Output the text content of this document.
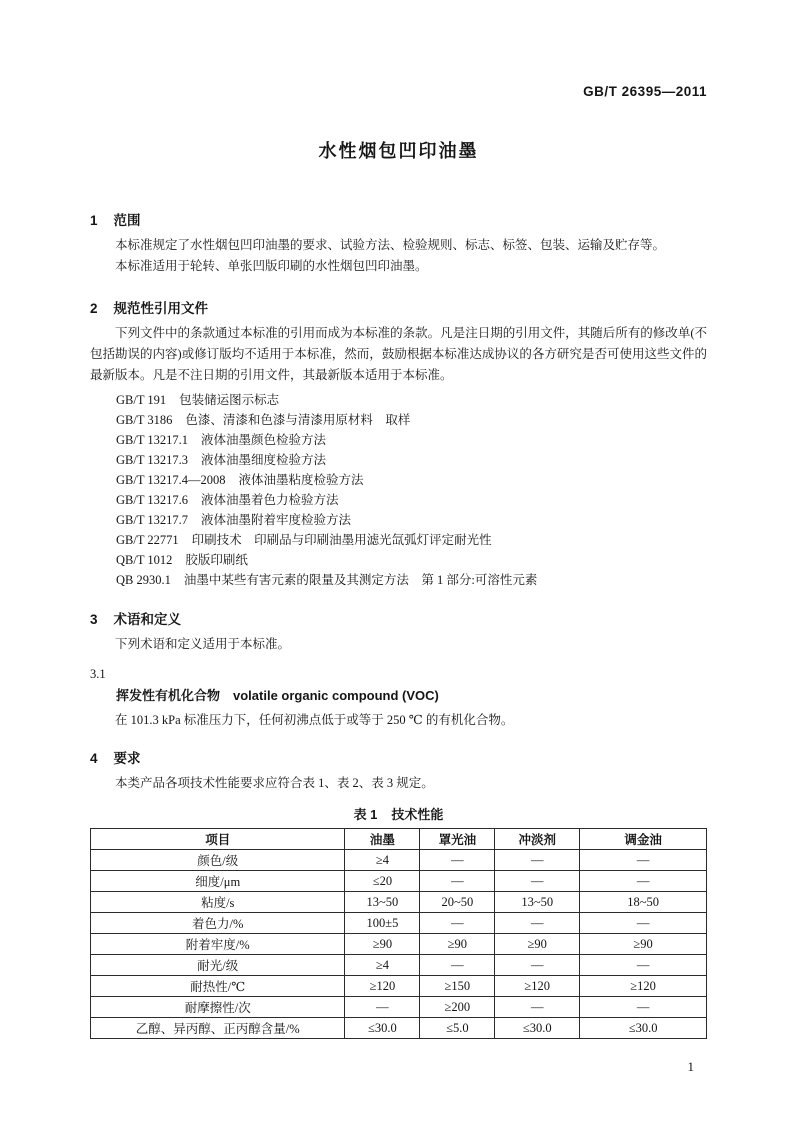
GB/T 26395—2011
水性烟包凹印油墨
1 范围

本标准规定了水性烟包凹印油墨的要求、试验方法、检验规则、标志、标签、包装、运输及贮存等。

本标准适用于轮转、单张凹版印刷的水性烟包凹印油墨。

2 规范性引用文件

下列文件中的条款通过本标准的引用而成为本标准的条款。凡是注日期的引用文件，其随后所有的修改单(不包括勘误的内容)或修订版均不适用于本标准，然而，鼓励根据本标准达成协议的各方研究是否可使用这些文件的最新版本。凡是不注日期的引用文件，其最新版本适用于本标准。

GB/T 191 包装储运图示标志
GB/T 3186 色漆、清漆和色漆与清漆用原材料　取样
GB/T 13217.1 液体油墨颜色检验方法
GB/T 13217.3 液体油墨细度检验方法
GB/T 13217.4—2008 液体油墨粘度检验方法
GB/T 13217.6 液体油墨着色力检验方法
GB/T 13217.7 液体油墨附着牢度检验方法
GB/T 22771 印刷技术　印刷品与印刷油墨用滤光氙弧灯评定耐光性
QB/T 1012 胶版印刷纸
QB 2930.1 油墨中某些有害元素的限量及其测定方法　第 1 部分:可溶性元素
3 术语和定义

下列术语和定义适用于本标准。

3.1
挥发性有机化合物 volatile organic compound (VOC)

在 101.3 kPa 标准压力下，任何初沸点低于或等于 250 ℃ 的有机化合物。

4 要求

本类产品各项技术性能要求应符合表 1、表 2、表 3 规定。

表 1 技术性能
项目	油墨	罩光油	冲淡剂	调金油
颜色/级	≥4	—	—	—
细度/μm	≤20	—	—	—
粘度/s	13~50	20~50	13~50	18~50
着色力/%	100±5	—	—	—
附着牢度/%	≥90	≥90	≥90	≥90
耐光/级	≥4	—	—	—
耐热性/℃	≥120	≥150	≥120	≥120
耐摩擦性/次	—	≥200	—	—
乙醇、异丙醇、正丙醇含量/%	≤30.0	≤5.0	≤30.0	≤30.0
1
